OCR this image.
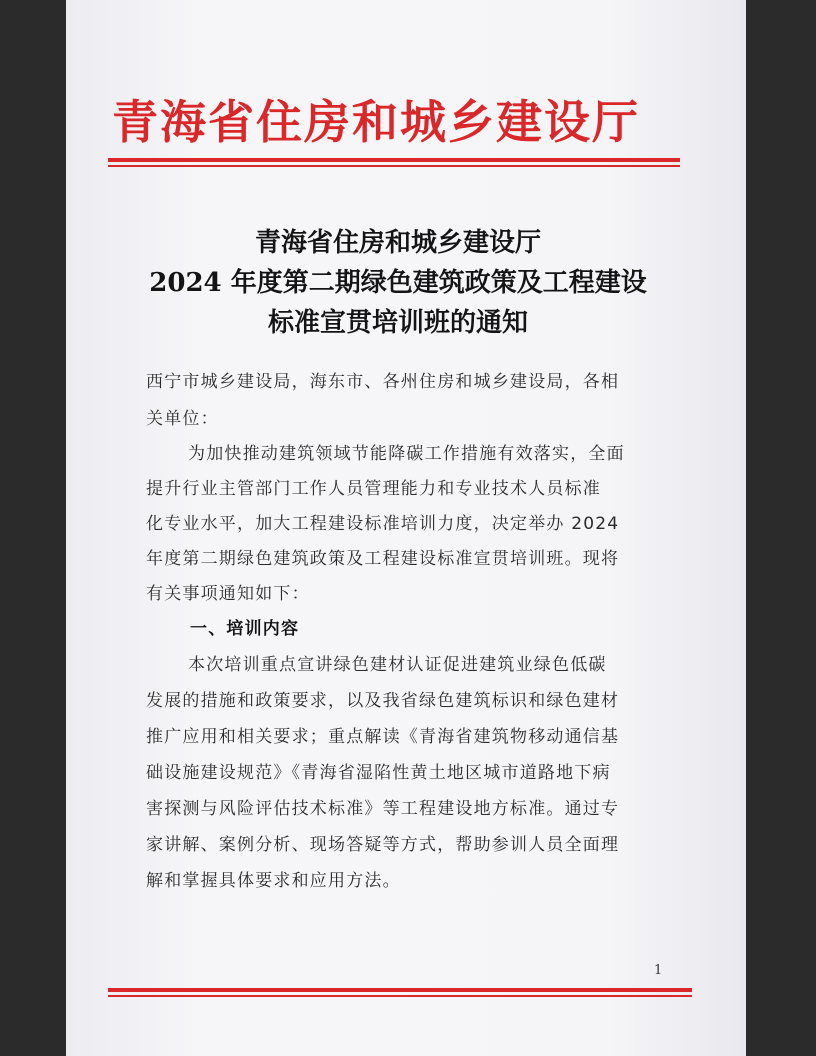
青海省住房和城乡建设厅
青海省住房和城乡建设厅
2024 年度第二期绿色建筑政策及工程建设
标准宣贯培训班的通知
西宁市城乡建设局，海东市、各州住房和城乡建设局，各相
关单位：
为加快推动建筑领域节能降碳工作措施有效落实，全面
提升行业主管部门工作人员管理能力和专业技术人员标准
化专业水平，加大工程建设标准培训力度，决定举办 2024
年度第二期绿色建筑政策及工程建设标准宣贯培训班。现将
有关事项通知如下：
一、培训内容
本次培训重点宣讲绿色建材认证促进建筑业绿色低碳
发展的措施和政策要求，以及我省绿色建筑标识和绿色建材
推广应用和相关要求；重点解读《青海省建筑物移动通信基
础设施建设规范》《青海省湿陷性黄土地区城市道路地下病
害探测与风险评估技术标准》等工程建设地方标准。通过专
家讲解、案例分析、现场答疑等方式，帮助参训人员全面理
解和掌握具体要求和应用方法。
1
